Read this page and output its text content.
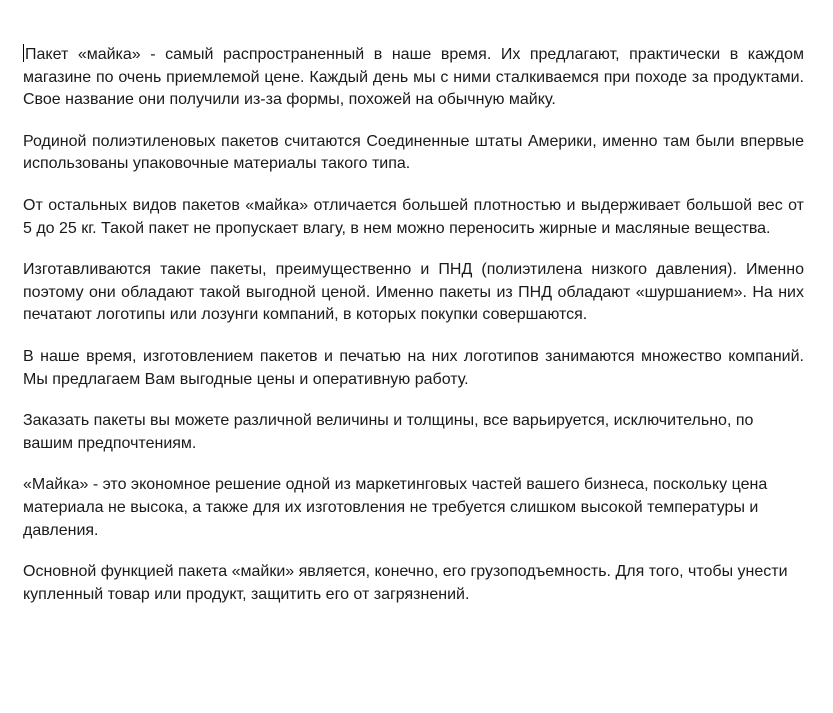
Пакет «майка» - самый распространенный в наше время. Их предлагают, практически в каждом магазине по очень приемлемой цене. Каждый день мы с ними сталкиваемся при походе за продуктами. Свое название они получили из-за формы, похожей на обычную майку.

Родиной полиэтиленовых пакетов считаются Соединенные штаты Америки, именно там были впервые использованы упаковочные материалы такого типа.

От остальных видов пакетов «майка» отличается большей плотностью и выдерживает большой вес от 5 до 25 кг. Такой пакет не пропускает влагу, в нем можно переносить жирные и масляные вещества.

Изготавливаются такие пакеты, преимущественно и ПНД (полиэтилена низкого давления). Именно поэтому они обладают такой выгодной ценой. Именно пакеты из ПНД обладают «шуршанием». На них печатают логотипы или лозунги компаний, в которых покупки совершаются.

В наше время, изготовлением пакетов и печатью на них логотипов занимаются множество компаний. Мы предлагаем Вам выгодные цены и оперативную работу.

Заказать пакеты вы можете различной величины и толщины, все варьируется, исключительно, по вашим предпочтениям.

«Майка» - это экономное решение одной из маркетинговых частей вашего бизнеса, поскольку цена материала не высока, а также для их изготовления не требуется слишком высокой температуры и давления.

Основной функцией пакета «майки» является, конечно, его грузоподъемность. Для того, чтобы унести купленный товар или продукт, защитить его от загрязнений.
